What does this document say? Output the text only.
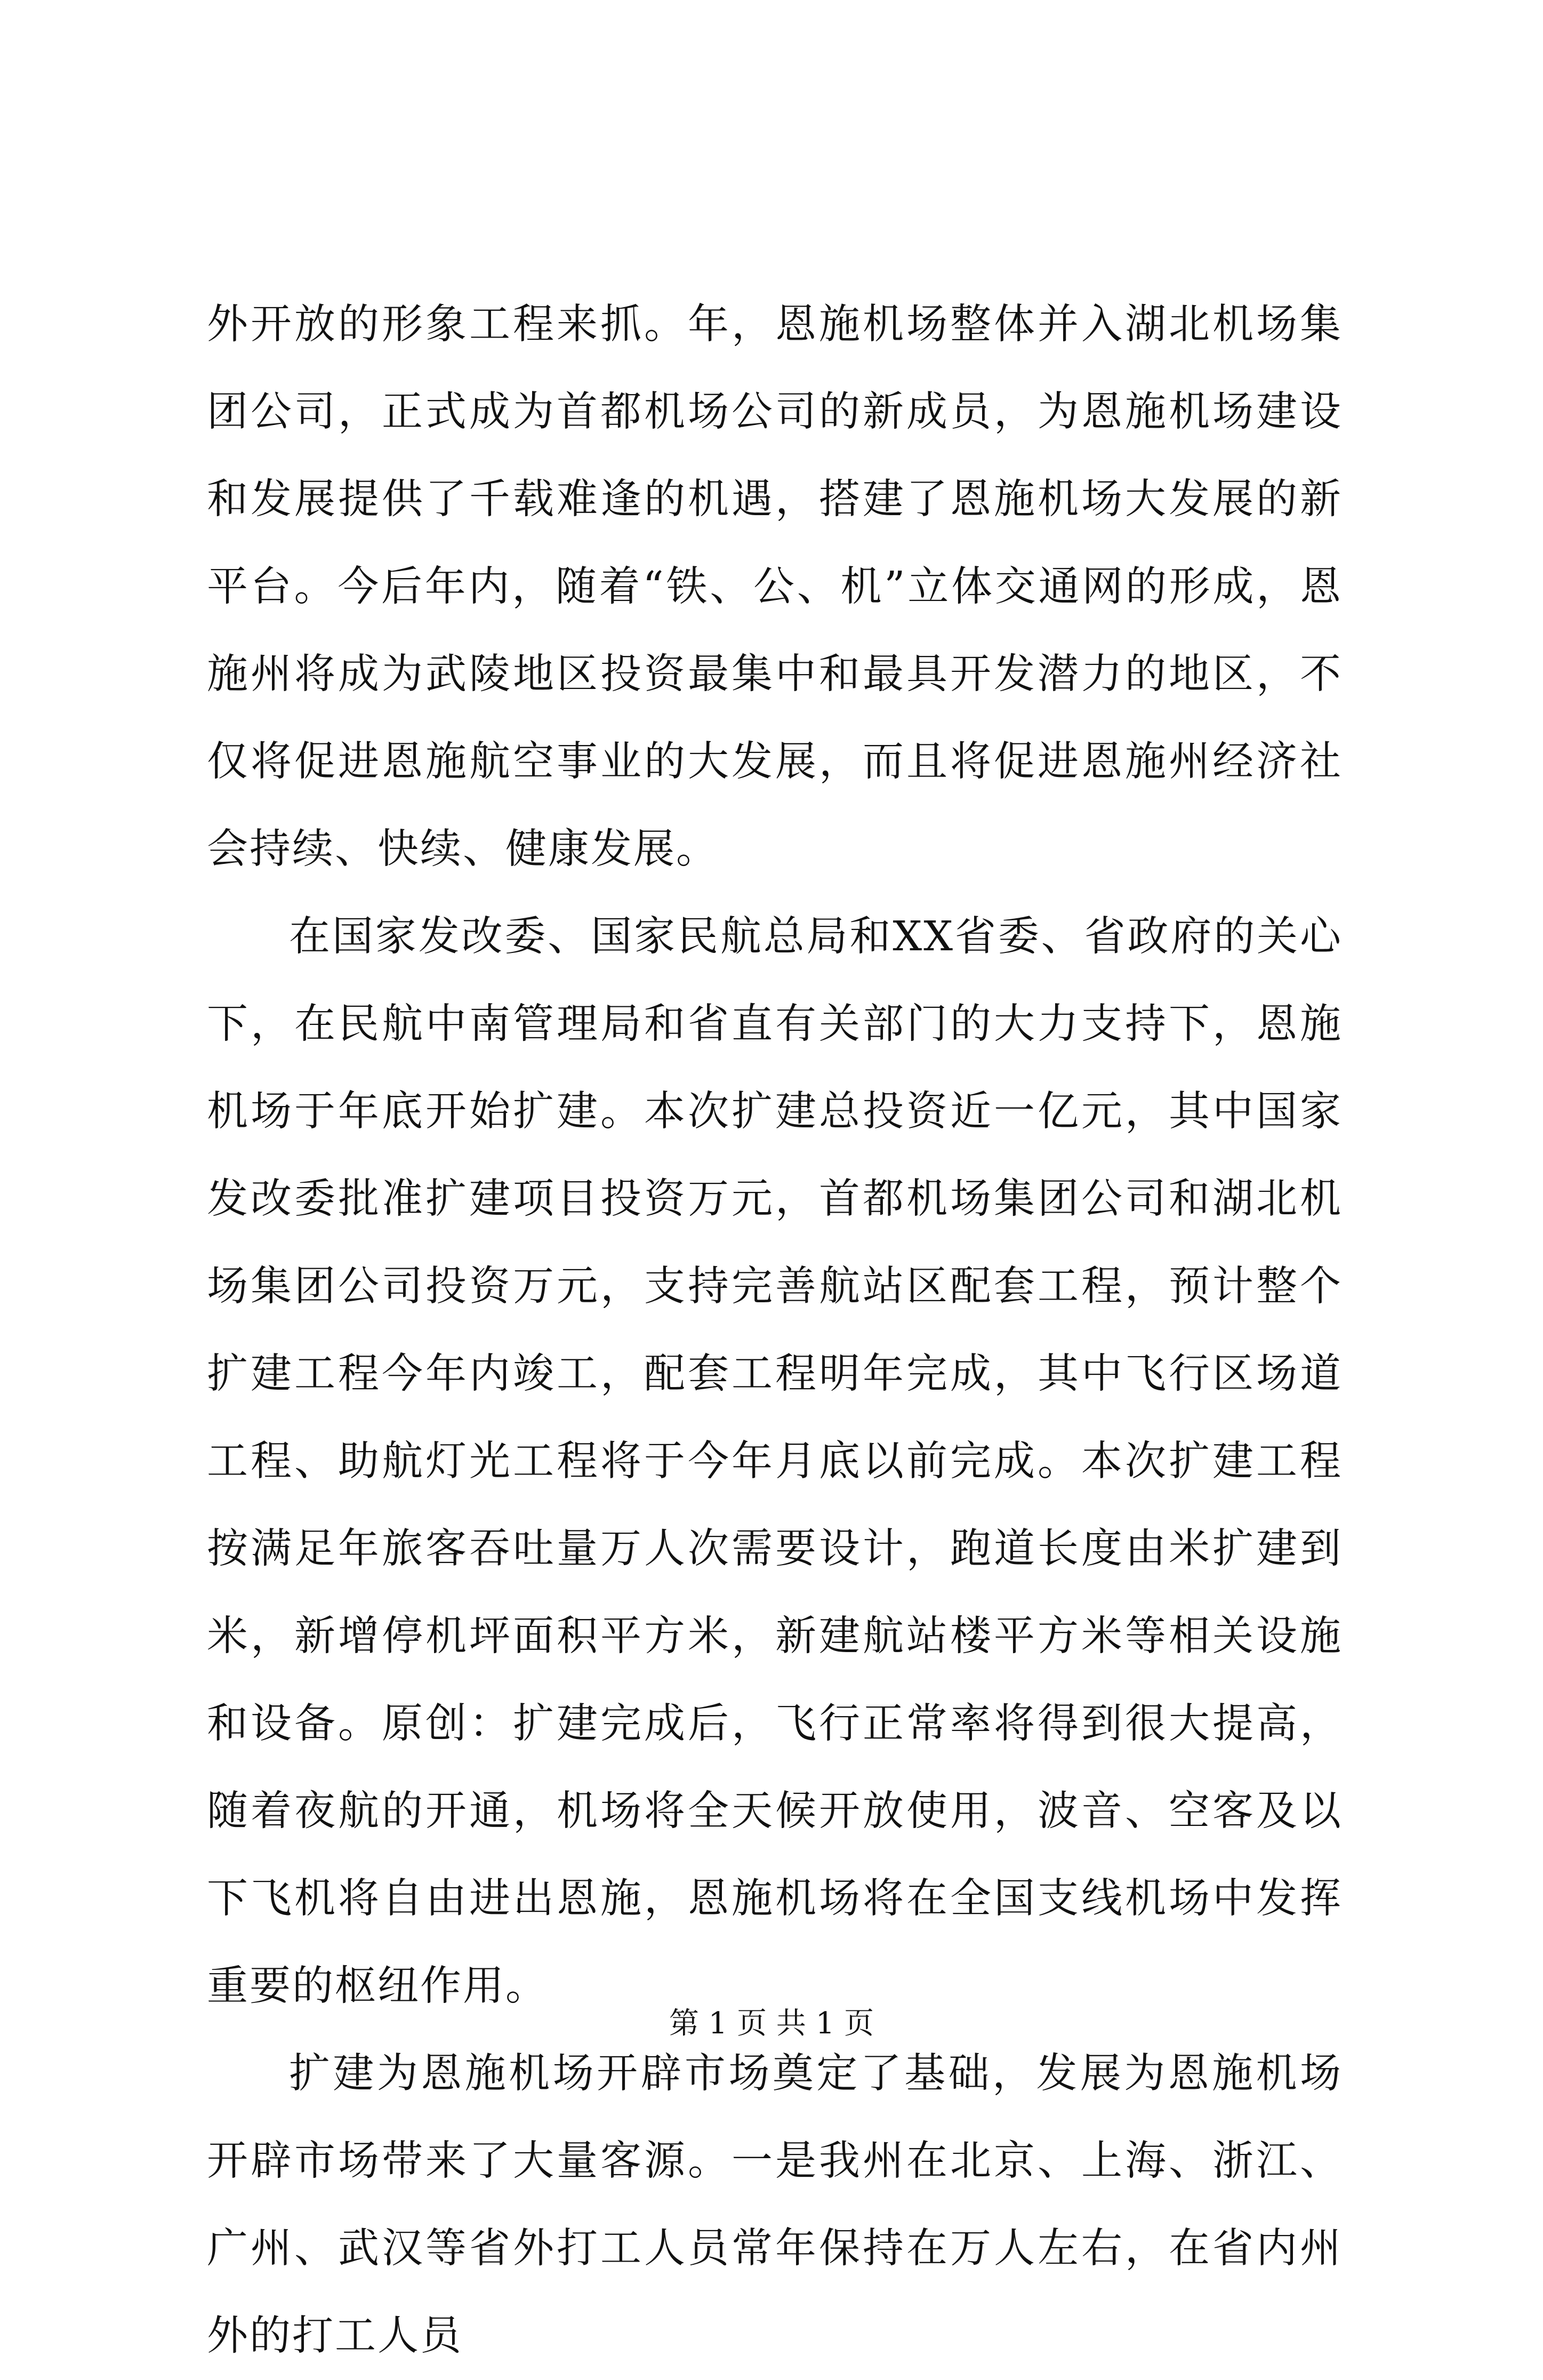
外开放的形象工程来抓。年，恩施机场整体并入湖北机场集团公司，正式成为首都机场公司的新成员，为恩施机场建设和发展提供了千载难逢的机遇，搭建了恩施机场大发展的新平台。今后年内，随着“铁、公、机”立体交通网的形成，恩施州将成为武陵地区投资最集中和最具开发潜力的地区，不仅将促进恩施航空事业的大发展，而且将促进恩施州经济社会持续、快续、健康发展。

在国家发改委、国家民航总局和XX省委、省政府的关心下，在民航中南管理局和省直有关部门的大力支持下，恩施机场于年底开始扩建。本次扩建总投资近一亿元，其中国家发改委批准扩建项目投资万元，首都机场集团公司和湖北机场集团公司投资万元，支持完善航站区配套工程，预计整个扩建工程今年内竣工，配套工程明年完成，其中飞行区场道工程、助航灯光工程将于今年月底以前完成。本次扩建工程按满足年旅客吞吐量万人次需要设计，跑道长度由米扩建到米，新增停机坪面积平方米，新建航站楼平方米等相关设施和设备。原创：扩建完成后，飞行正常率将得到很大提高，随着夜航的开通，机场将全天候开放使用，波音、空客及以下飞机将自由进出恩施，恩施机场将在全国支线机场中发挥重要的枢纽作用。

扩建为恩施机场开辟市场奠定了基础，发展为恩施机场开辟市场带来了大量客源。一是我州在北京、上海、浙江、广州、武汉等省外打工人员常年保持在万人左右，在省内州外的打工人员

第 1 页 共 1 页
